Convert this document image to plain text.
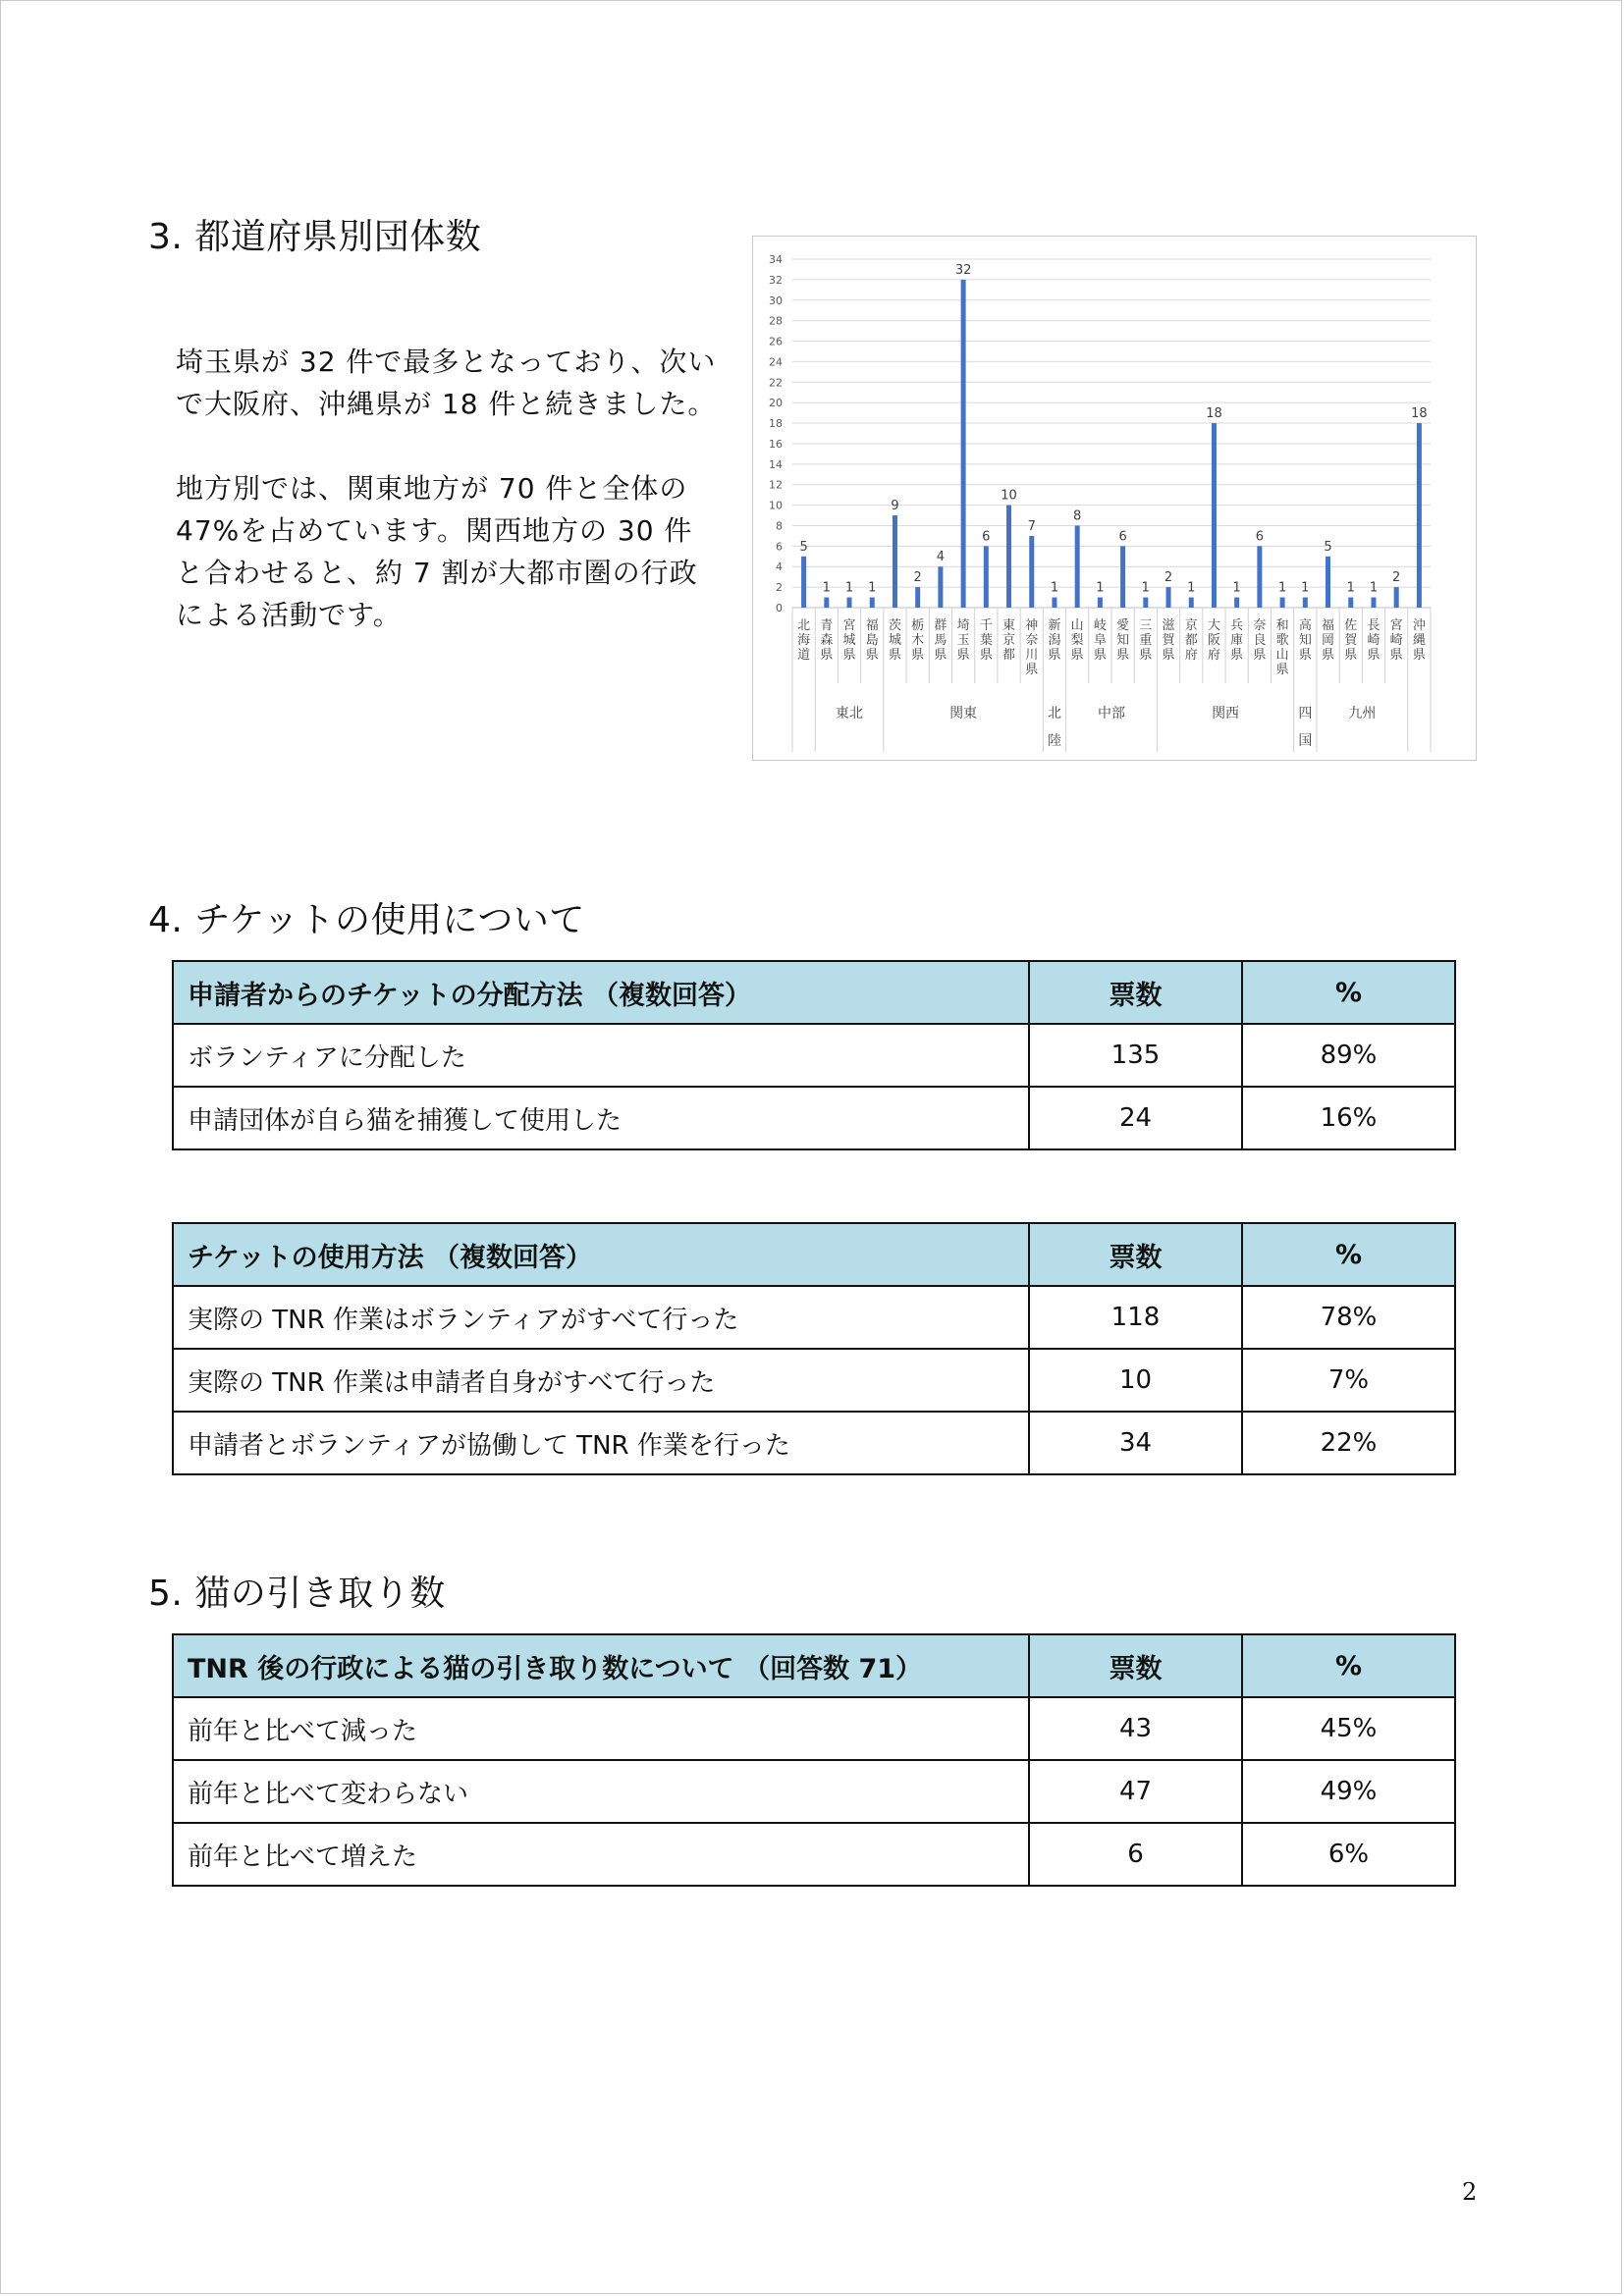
3. 都道府県別団体数
埼玉県が 32 件で最多となっており、次い
で大阪府、沖縄県が 18 件と続きました。
地方別では、関東地方が 70 件と全体の
47%を占めています。関西地方の 30 件
と合わせると、約 7 割が大都市圏の行政
による活動です。	0
2
4
6
8
10
12
14
16
18
20
22
24
26
28
30
32
34
5
北海道
1
青森県
1
宮城県
1
福島県
9
茨城県
2
栃木県
4
群馬県
32
埼玉県
6
千葉県
10
東京都
7
神奈川県
1
新潟県
8
山梨県
1
岐阜県
6
愛知県
1
三重県
2
滋賀県
1
京都府
18
大阪府
1
兵庫県
6
奈良県
1
和歌山県
1
高知県
5
福岡県
1
佐賀県
1
長崎県
2
宮崎県
18
沖縄県
東北	関東	北陸
中部	関西	四国
九州
4. チケットの使用について
申請者からのチケットの分配方法 （複数回答）	票数	%
ボランティアに分配した	135	89%
申請団体が自ら猫を捕獲して使用した	24	16%
チケットの使用方法 （複数回答）	票数	%
実際の TNR 作業はボランティアがすべて行った	118	78%
実際の TNR 作業は申請者自身がすべて行った	10	7%
申請者とボランティアが協働して TNR 作業を行った	34	22%
5. 猫の引き取り数
TNR 後の行政による猫の引き取り数について （回答数 71）	票数	%
前年と比べて減った	43	45%
前年と比べて変わらない	47	49%
前年と比べて増えた	6	6%
2
